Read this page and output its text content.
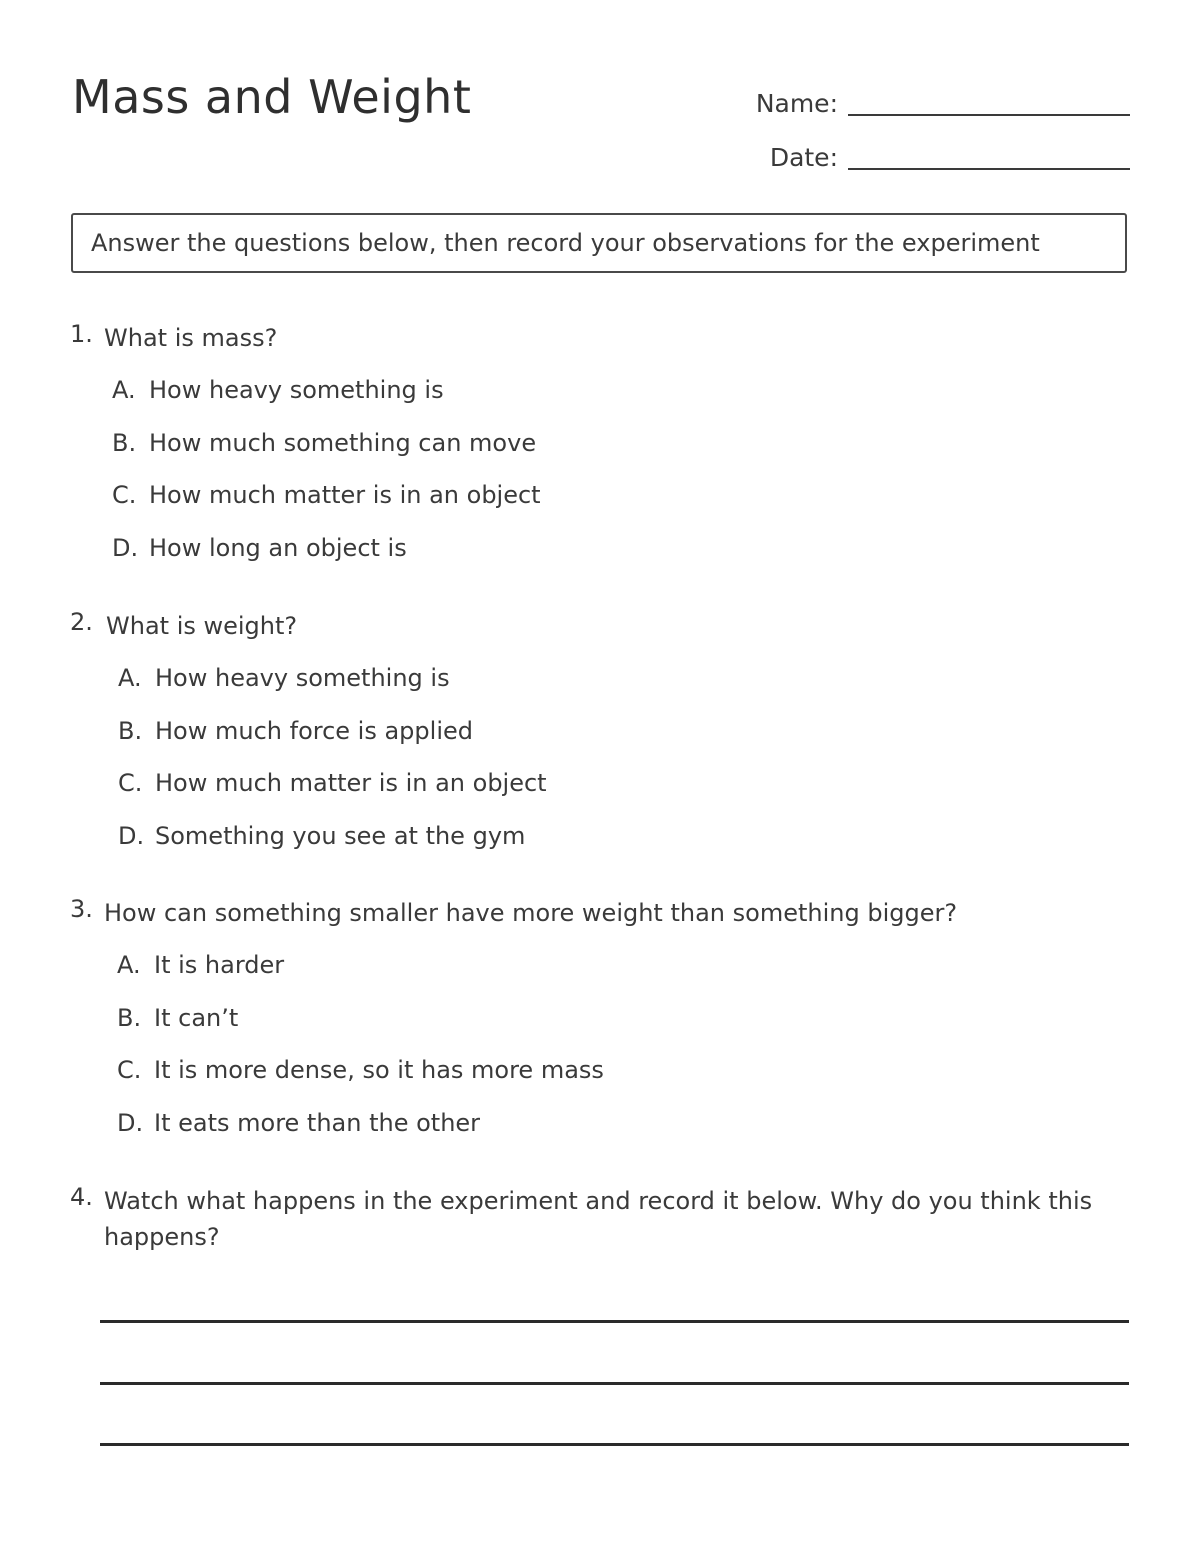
Mass and Weight	Name:
Date:
Answer the questions below, then record your observations for the experiment
1. What is mass?
A. How heavy something is
B. How much something can move
C. How much matter is in an object
D. How long an object is
2. What is weight?
A. How heavy something is
B. How much force is applied
C. How much matter is in an object
D. Something you see at the gym
3. How can something smaller have more weight than something bigger?
A. It is harder
B. It can’t
C. It is more dense, so it has more mass
D. It eats more than the other
4. Watch what happens in the experiment and record it below. Why do you think this happens?
